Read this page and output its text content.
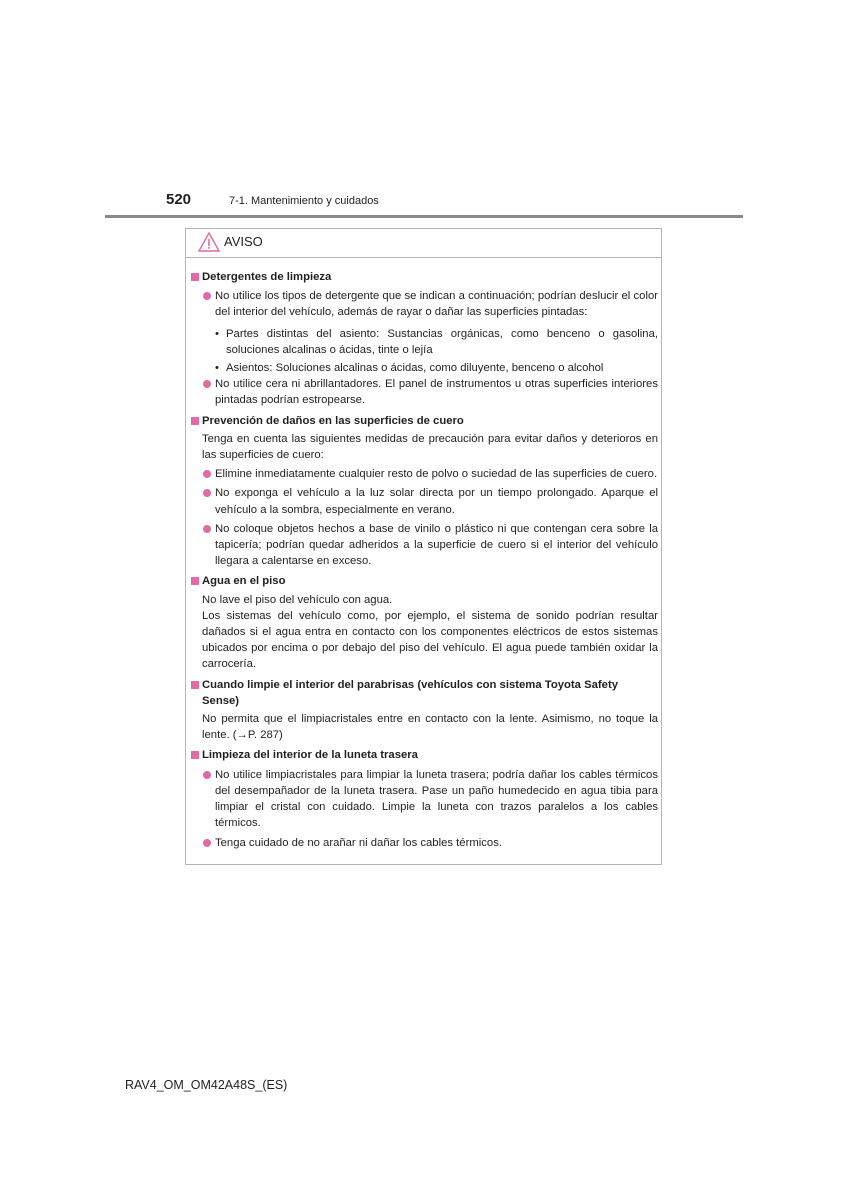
520	7-1. Mantenimiento y cuidados
AVISO
Detergentes de limpieza
No utilice los tipos de detergente que se indican a continuación; podrían deslucir el color del interior del vehículo, además de rayar o dañar las superficies pintadas:
• Partes distintas del asiento: Sustancias orgánicas, como benceno o gasolina, soluciones alcalinas o ácidas, tinte o lejía
• Asientos: Soluciones alcalinas o ácidas, como diluyente, benceno o alcohol
No utilice cera ni abrillantadores. El panel de instrumentos u otras superficies interiores pintadas podrían estropearse.
Prevención de daños en las superficies de cuero
Tenga en cuenta las siguientes medidas de precaución para evitar daños y deterioros en las superficies de cuero:
Elimine inmediatamente cualquier resto de polvo o suciedad de las superficies de cuero.
No exponga el vehículo a la luz solar directa por un tiempo prolongado. Aparque el vehículo a la sombra, especialmente en verano.
No coloque objetos hechos a base de vinilo o plástico ni que contengan cera sobre la tapicería; podrían quedar adheridos a la superficie de cuero si el interior del vehículo llegara a calentarse en exceso.
Agua en el piso
No lave el piso del vehículo con agua.
Los sistemas del vehículo como, por ejemplo, el sistema de sonido podrían resultar dañados si el agua entra en contacto con los componentes eléctricos de estos sistemas ubicados por encima o por debajo del piso del vehículo. El agua puede también oxidar la carrocería.
Cuando limpie el interior del parabrisas (vehículos con sistema Toyota Safety Sense)
No permita que el limpiacristales entre en contacto con la lente. Asimismo, no toque la lente. (→P. 287)
Limpieza del interior de la luneta trasera
No utilice limpiacristales para limpiar la luneta trasera; podría dañar los cables térmicos del desempañador de la luneta trasera. Pase un paño humedecido en agua tibia para limpiar el cristal con cuidado. Limpie la luneta con trazos paralelos a los cables térmicos.
Tenga cuidado de no arañar ni dañar los cables térmicos.
RAV4_OM_OM42A48S_(ES)
